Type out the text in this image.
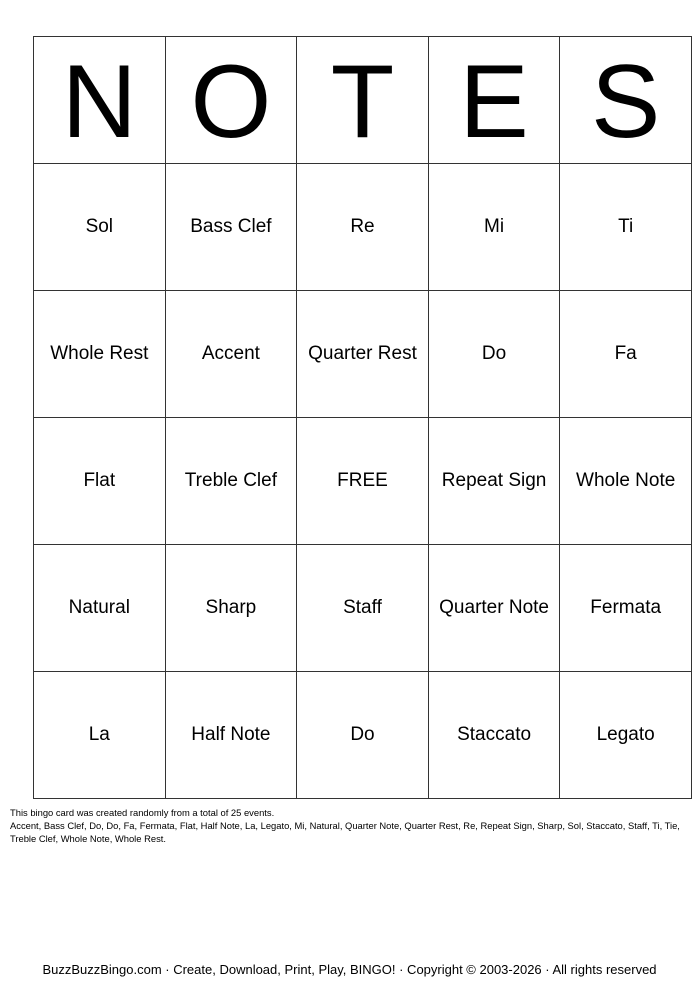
N	O	T	E	S
Sol	Bass Clef	Re	Mi	Ti
Whole Rest	Accent	Quarter Rest	Do	Fa
Flat	Treble Clef	FREE	Repeat Sign	Whole Note
Natural	Sharp	Staff	Quarter Note	Fermata
La	Half Note	Do	Staccato	Legato
This bingo card was created randomly from a total of 25 events.
Accent, Bass Clef, Do, Do, Fa, Fermata, Flat, Half Note, La, Legato, Mi, Natural, Quarter Note, Quarter Rest, Re, Repeat Sign, Sharp, Sol, Staccato, Staff, Ti, Tie, Treble Clef, Whole Note, Whole Rest.
BuzzBuzzBingo.com · Create, Download, Print, Play, BINGO! · Copyright © 2003-2026 · All rights reserved
